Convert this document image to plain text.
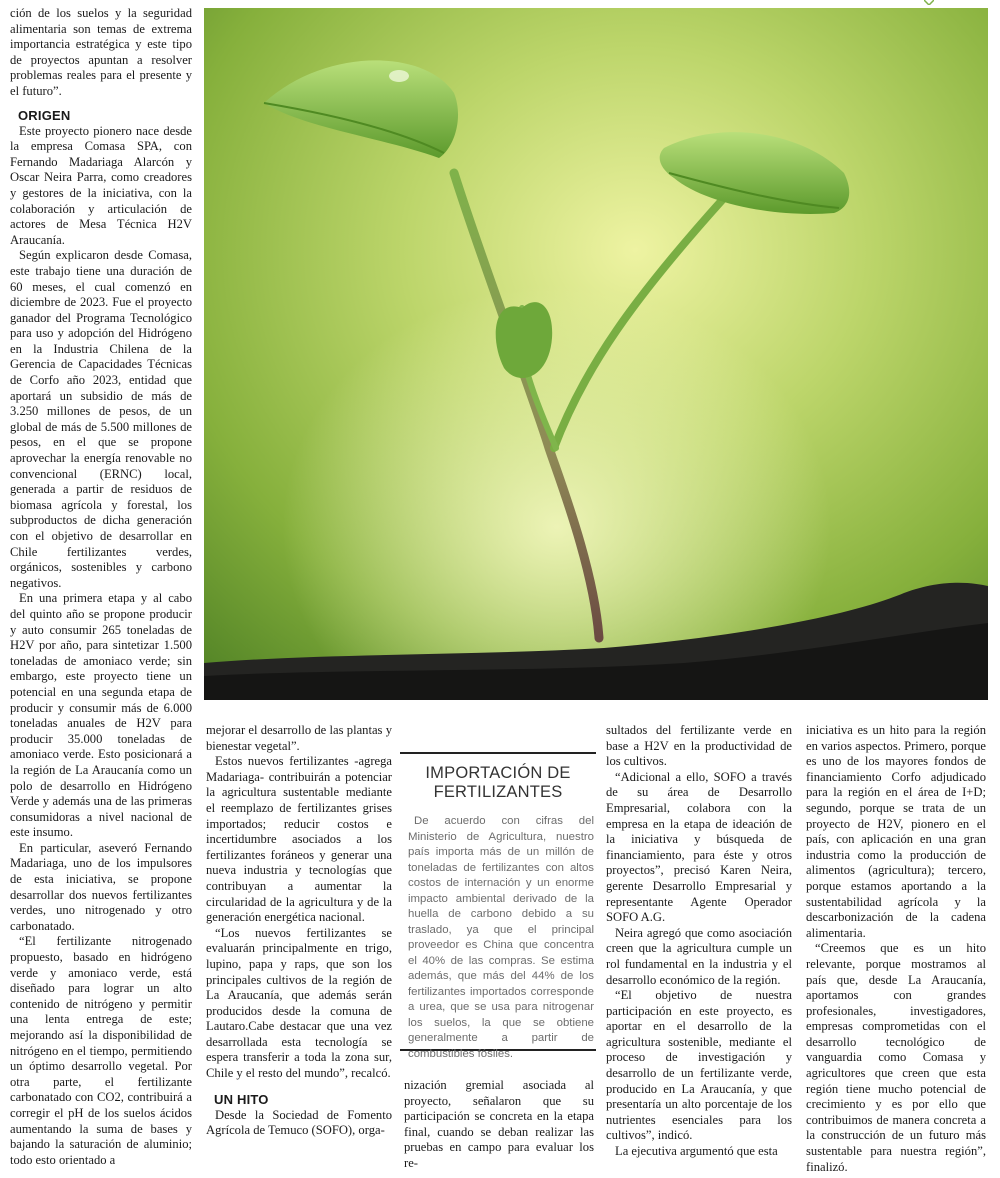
ción de los suelos y la seguridad alimentaria son temas de extrema importancia estratégica y este tipo de proyectos apuntan a resolver problemas reales para el presente y el futuro”.

ORIGEN

Este proyecto pionero nace desde la empresa Comasa SPA, con Fernando Madariaga Alarcón y Oscar Neira Parra, como creadores y gestores de la iniciativa, con la colaboración y articulación de actores de Mesa Técnica H2V Araucanía.

Según explicaron desde Comasa, este trabajo tiene una duración de 60 meses, el cual comenzó en diciembre de 2023. Fue el proyecto ganador del Programa Tecnológico para uso y adopción del Hidrógeno en la Industria Chilena de la Gerencia de Capacidades Técnicas de Corfo año 2023, entidad que aportará un subsidio de más de 3.250 millones de pesos, de un global de más de 5.500 millones de pesos, en el que se propone aprovechar la energía renovable no convencional (ERNC) local, generada a partir de residuos de biomasa agrícola y forestal, los subproductos de dicha generación con el objetivo de desarrollar en Chile fertilizantes verdes, orgánicos, sostenibles y carbono negativos.

En una primera etapa y al cabo del quinto año se propone producir y auto consumir 265 toneladas de H2V por año, para sintetizar 1.500 toneladas de amoniaco verde; sin embargo, este proyecto tiene un potencial en una segunda etapa de producir y consumir más de 6.000 toneladas anuales de H2V para producir 35.000 toneladas de amoniaco verde. Esto posicionará a la región de La Araucanía como un polo de desarrollo en Hidrógeno Verde y además una de las primeras consumidoras a nivel nacional de este insumo.

En particular, aseveró Fernando Madariaga, uno de los impulsores de esta iniciativa, se propone desarrollar dos nuevos fertilizantes verdes, uno nitrogenado y otro carbonatado.

“El fertilizante nitrogenado propuesto, basado en hidrógeno verde y amoniaco verde, está diseñado para lograr un alto contenido de nitrógeno y permitir una lenta entrega de este; mejorando así la disponibilidad de nitrógeno en el tiempo, permitiendo un óptimo desarrollo vegetal. Por otra parte, el fertilizante carbonatado con CO2, contribuirá a corregir el pH de los suelos ácidos aumentando la suma de bases y bajando la saturación de aluminio; todo esto orientado a

mejorar el desarrollo de las plantas y bienestar vegetal”.

Estos nuevos fertilizantes -agrega Madariaga- contribuirán a potenciar la agricultura sustentable mediante el reemplazo de fertilizantes grises importados; reducir costos e incertidumbre asociados a los fertilizantes foráneos y generar una nueva industria y tecnologías que contribuyan a aumentar la circularidad de la agricultura y de la generación energética nacional.

“Los nuevos fertilizantes se evaluarán principalmente en trigo, lupino, papa y raps, que son los principales cultivos de la región de La Araucanía, que además serán producidos desde la comuna de Lautaro.Cabe destacar que una vez desarrollada esta tecnología se espera transferir a toda la zona sur, Chile y el resto del mundo”, recalcó.

UN HITO

Desde la Sociedad de Fomento Agrícola de Temuco (SOFO), orga-

IMPORTACIÓN DE FERTILIZANTES

De acuerdo con cifras del Ministerio de Agricultura, nuestro país importa más de un millón de toneladas de fertilizantes con altos costos de internación y un enorme impacto ambiental derivado de la huella de carbono debido a su traslado, ya que el principal proveedor es China que concentra el 40% de las compras. Se estima además, que más del 44% de los fertilizantes importados corresponde a urea, que se usa para nitrogenar los suelos, la que se obtiene generalmente a partir de combustibles fósiles.

nización gremial asociada al proyecto, señalaron que su participación se concreta en la etapa final, cuando se deban realizar las pruebas en campo para evaluar los re-

sultados del fertilizante verde en base a H2V en la productividad de los cultivos.

“Adicional a ello, SOFO a través de su área de Desarrollo Empresarial, colabora con la empresa en la etapa de ideación de la iniciativa y búsqueda de financiamiento, para éste y otros proyectos”, precisó Karen Neira, gerente Desarrollo Empresarial y representante Agente Operador SOFO A.G.

Neira agregó que como asociación creen que la agricultura cumple un rol fundamental en la industria y el desarrollo económico de la región.

“El objetivo de nuestra participación en este proyecto, es aportar en el desarrollo de la agricultura sostenible, mediante el proceso de investigación y desarrollo de un fertilizante verde, producido en La Araucanía, y que presentaría un alto porcentaje de los nutrientes esenciales para los cultivos”, indicó.

La ejecutiva argumentó que esta

iniciativa es un hito para la región en varios aspectos. Primero, porque es uno de los mayores fondos de financiamiento Corfo adjudicado para la región en el área de I+D; segundo, porque se trata de un proyecto de H2V, pionero en el país, con aplicación en una gran industria como la producción de alimentos (agricultura); tercero, porque estamos aportando a la sustentabilidad agrícola y la descarbonización de la cadena alimentaria.

“Creemos que es un hito relevante, porque mostramos al país que, desde La Araucanía, aportamos con grandes profesionales, investigadores, empresas comprometidas con el desarrollo tecnológico de vanguardia como Comasa y agricultores que creen que esta región tiene mucho potencial de crecimiento y es por ello que contribuimos de manera concreta a la construcción de un futuro más sustentable para nuestra región”, finalizó.
